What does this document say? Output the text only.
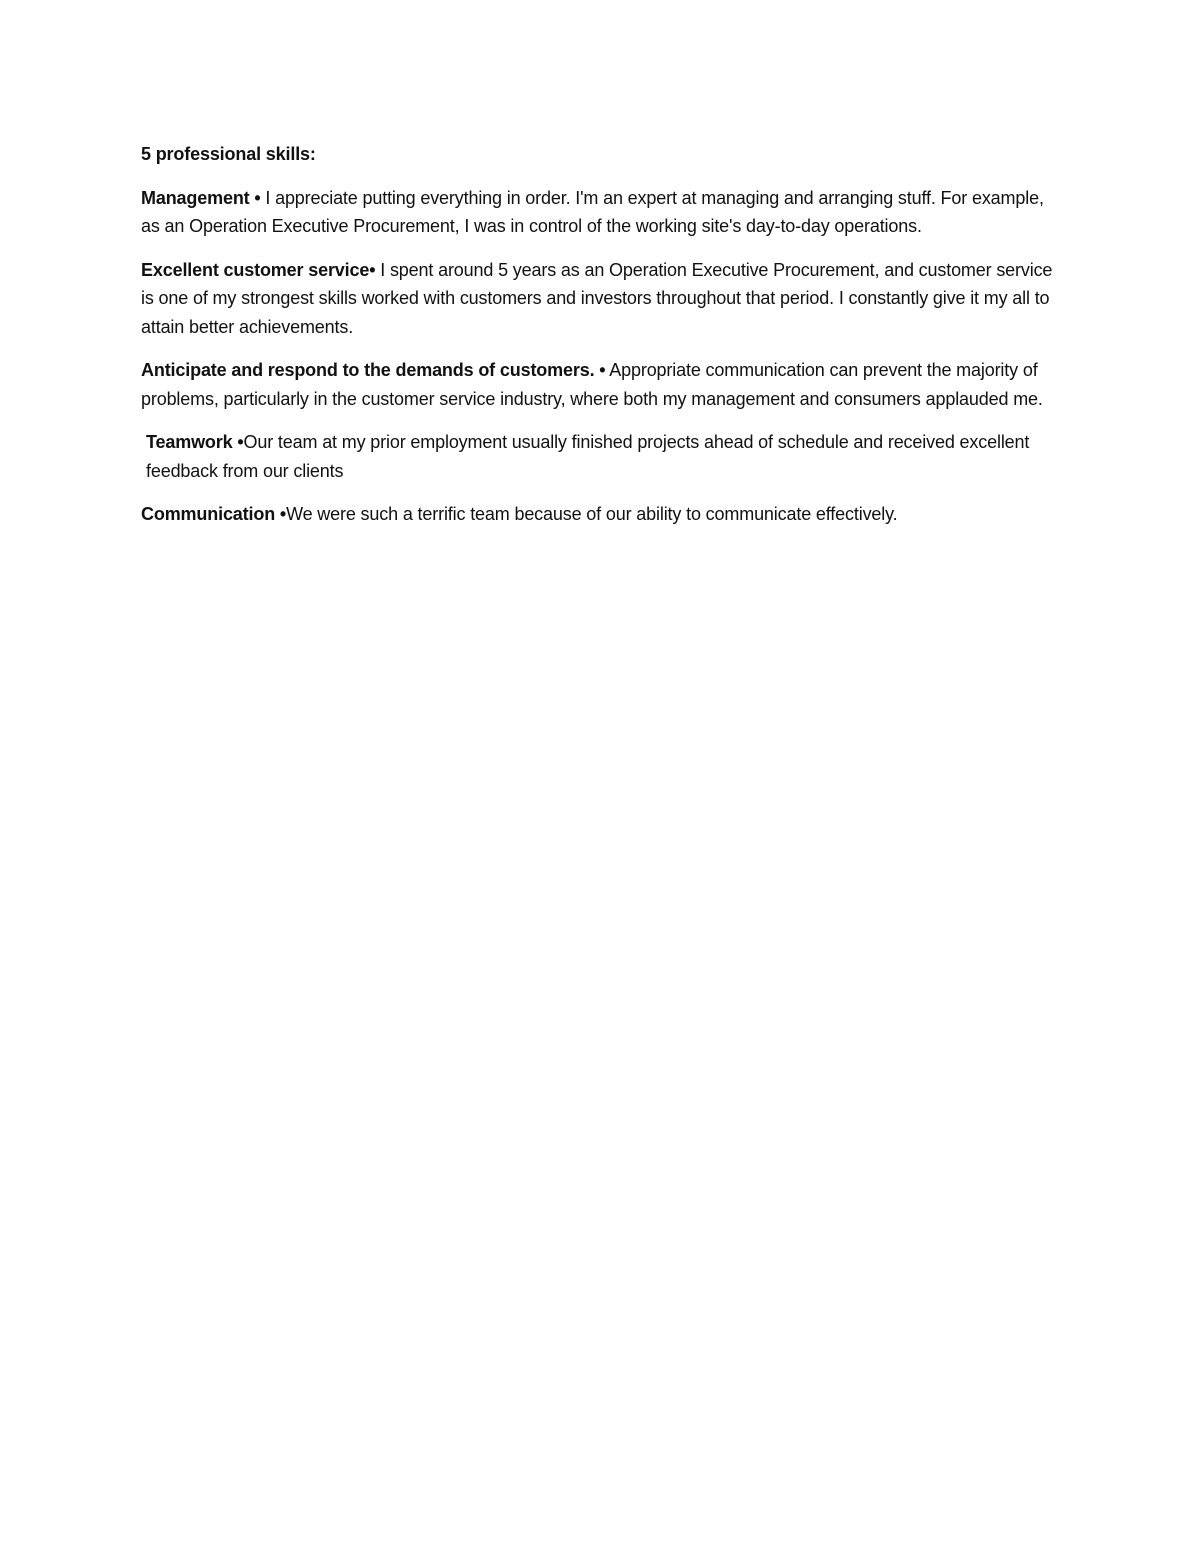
5 professional skills:

Management • I appreciate putting everything in order. I'm an expert at managing and arranging stuff. For example, as an Operation Executive Procurement, I was in control of the working site's day-to-day operations.

Excellent customer service• I spent around 5 years as an Operation Executive Procurement, and customer service is one of my strongest skills worked with customers and investors throughout that period. I constantly give it my all to attain better achievements.

Anticipate and respond to the demands of customers. • Appropriate communication can prevent the majority of problems, particularly in the customer service industry, where both my management and consumers applauded me.

Teamwork •Our team at my prior employment usually finished projects ahead of schedule and received excellent feedback from our clients

Communication •We were such a terrific team because of our ability to communicate effectively.
